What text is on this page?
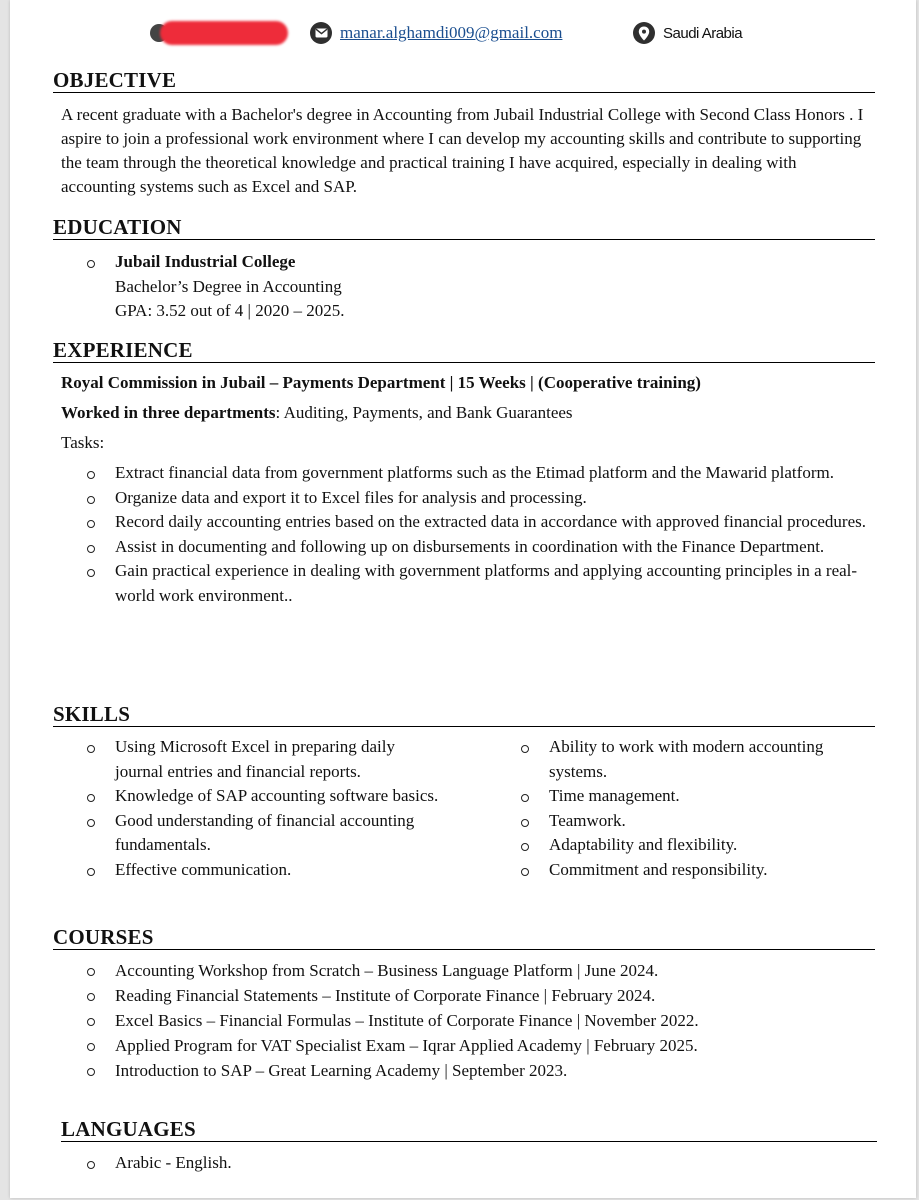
manar.alghamdi009@gmail.com	Saudi Arabia
OBJECTIVE

A recent graduate with a Bachelor's degree in Accounting from Jubail Industrial College with Second Class Honors . I aspire to join a professional work environment where I can develop my accounting skills and contribute to supporting the team through the theoretical knowledge and practical training I have acquired, especially in dealing with accounting systems such as Excel and SAP.

EDUCATION
Jubail Industrial College
Bachelor’s Degree in Accounting
GPA: 3.52 out of 4 | 2020 – 2025.
EXPERIENCE

Royal Commission in Jubail – Payments Department | 15 Weeks | (Cooperative training)

Worked in three departments: Auditing, Payments, and Bank Guarantees

Tasks:

Extract financial data from government platforms such as the Etimad platform and the Mawarid platform.
Organize data and export it to Excel files for analysis and processing.
Record daily accounting entries based on the extracted data in accordance with approved financial procedures.
Assist in documenting and following up on disbursements in coordination with the Finance Department.
Gain practical experience in dealing with government platforms and applying accounting principles in a real-world work environment..
SKILLS
Using Microsoft Excel in preparing daily journal entries and financial reports.
Knowledge of SAP accounting software basics.
Good understanding of financial accounting fundamentals.
Effective communication.
Ability to work with modern accounting systems.
Time management.
Teamwork.
Adaptability and flexibility.
Commitment and responsibility.
COURSES
Accounting Workshop from Scratch – Business Language Platform | June 2024.
Reading Financial Statements – Institute of Corporate Finance | February 2024.
Excel Basics – Financial Formulas – Institute of Corporate Finance | November 2022.
Applied Program for VAT Specialist Exam – Iqrar Applied Academy | February 2025.
Introduction to SAP – Great Learning Academy | September 2023.
LANGUAGES
Arabic - English.
